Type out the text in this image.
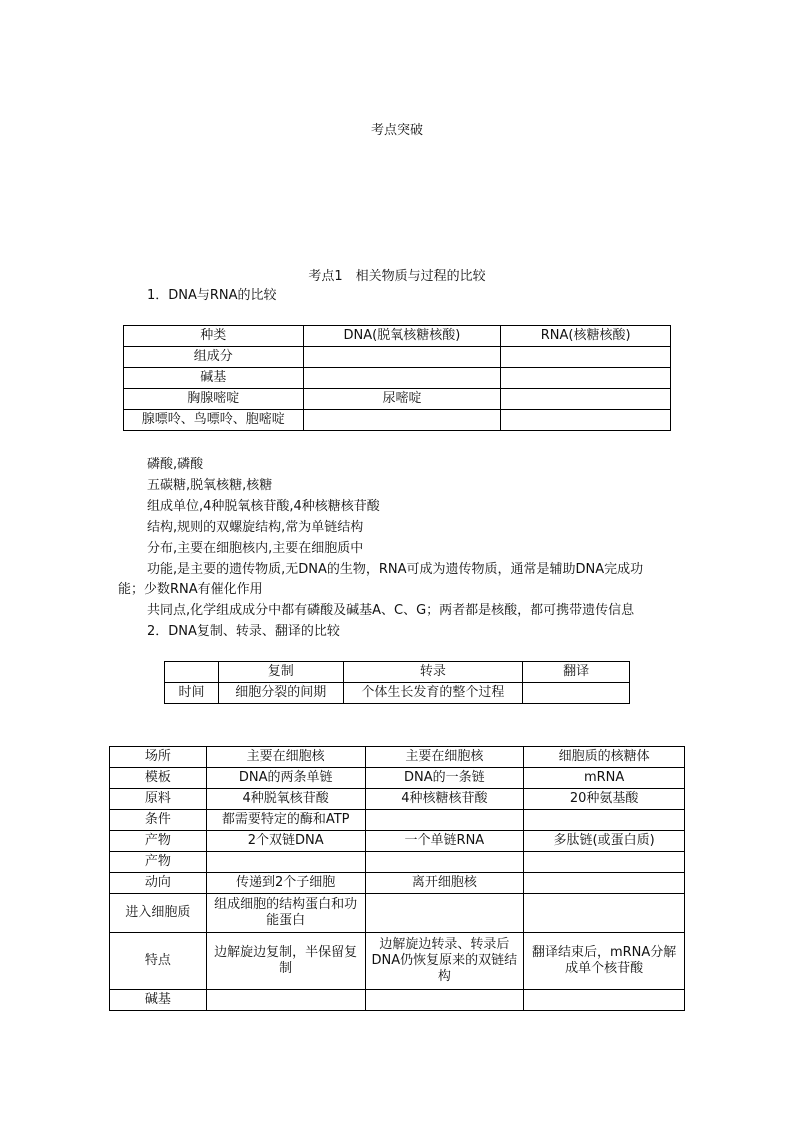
考点突破
考点1　相关物质与过程的比较
1．DNA与RNA的比较
种类	DNA(脱氧核糖核酸)	RNA(核糖核酸)
组成分		
碱基		
胸腺嘧啶	尿嘧啶	
腺嘌呤、鸟嘌呤、胞嘧啶		
磷酸,磷酸
五碳糖,脱氧核糖,核糖
组成单位,4种脱氧核苷酸,4种核糖核苷酸
结构,规则的双螺旋结构,常为单链结构
分布,主要在细胞核内,主要在细胞质中
功能,是主要的遗传物质,无DNA的生物，RNA可成为遗传物质，通常是辅助DNA完成功
能；少数RNA有催化作用
共同点,化学组成成分中都有磷酸及碱基A、C、G；两者都是核酸，都可携带遗传信息
2．DNA复制、转录、翻译的比较
	复制	转录	翻译
时间	细胞分裂的间期	个体生长发育的整个过程	
场所	主要在细胞核	主要在细胞核	细胞质的核糖体
模板	DNA的两条单链	DNA的一条链	mRNA
原料	4种脱氧核苷酸	4种核糖核苷酸	20种氨基酸
条件	都需要特定的酶和ATP		
产物	2个双链DNA	一个单链RNA	多肽链(或蛋白质)
产物			
动向	传递到2个子细胞	离开细胞核	
进入细胞质	组成细胞的结构蛋白和功能蛋白		
特点	边解旋边复制，半保留复制	边解旋边转录、转录后DNA仍恢复原来的双链结构	翻译结束后，mRNA分解成单个核苷酸
碱基			
